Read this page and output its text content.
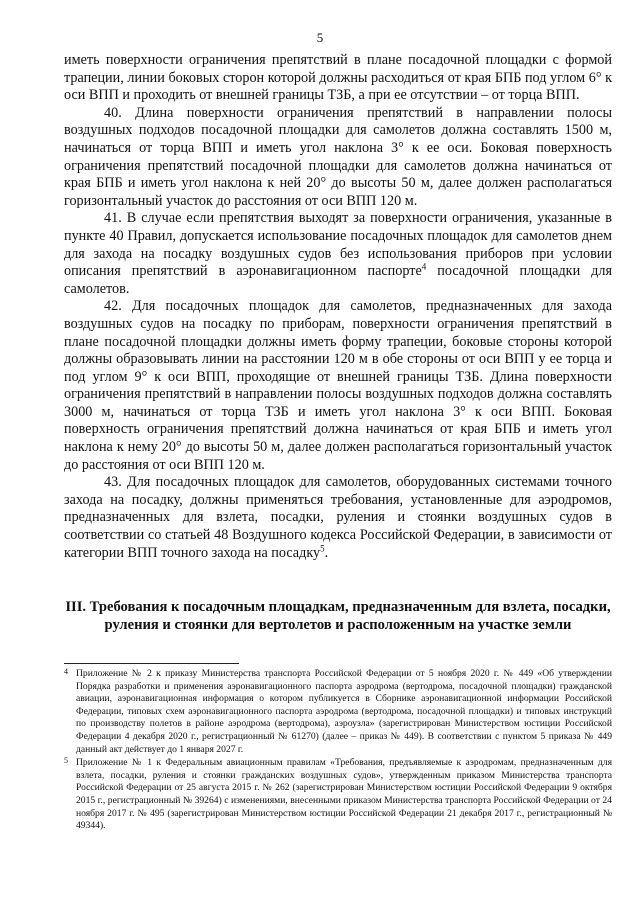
5

иметь поверхности ограничения препятствий в плане посадочной площадки с формой трапеции, линии боковых сторон которой должны расходиться от края БПБ под углом 6° к оси ВПП и проходить от внешней границы ТЗБ, а при ее отсутствии – от торца ВПП.

40. Длина поверхности ограничения препятствий в направлении полосы воздушных подходов посадочной площадки для самолетов должна составлять 1500 м, начинаться от торца ВПП и иметь угол наклона 3° к ее оси. Боковая поверхность ограничения препятствий посадочной площадки для самолетов должна начинаться от края БПБ и иметь угол наклона к ней 20° до высоты 50 м, далее должен располагаться горизонтальный участок до расстояния от оси ВПП 120 м.

41. В случае если препятствия выходят за поверхности ограничения, указанные в пункте 40 Правил, допускается использование посадочных площадок для самолетов днем для захода на посадку воздушных судов без использования приборов при условии описания препятствий в аэронавигационном паспорте$^4$ посадочной площадки для самолетов.

42. Для посадочных площадок для самолетов, предназначенных для захода воздушных судов на посадку по приборам, поверхности ограничения препятствий в плане посадочной площадки должны иметь форму трапеции, боковые стороны которой должны образовывать линии на расстоянии 120 м в обе стороны от оси ВПП у ее торца и под углом 9° к оси ВПП, проходящие от внешней границы ТЗБ. Длина поверхности ограничения препятствий в направлении полосы воздушных подходов должна составлять 3000 м, начинаться от торца ТЗБ и иметь угол наклона 3° к оси ВПП. Боковая поверхность ограничения препятствий должна начинаться от края БПБ и иметь угол наклона к нему 20° до высоты 50 м, далее должен располагаться горизонтальный участок до расстояния от оси ВПП 120 м.

43. Для посадочных площадок для самолетов, оборудованных системами точного захода на посадку, должны применяться требования, установленные для аэродромов, предназначенных для взлета, посадки, руления и стоянки воздушных судов в соответствии со статьей 48 Воздушного кодекса Российской Федерации, в зависимости от категории ВПП точного захода на посадку$^5$.

III. Требования к посадочным площадкам, предназначенным для взлета, посадки, руления и стоянки для вертолетов и расположенным на участке земли
4 Приложение № 2 к приказу Министерства транспорта Российской Федерации от 5 ноября 2020 г. № 449 «Об утверждении Порядка разработки и применения аэронавигационного паспорта аэродрома (вертодрома, посадочной площадки) гражданской авиации, аэронавигационная информация о котором публикуется в Сборнике аэронавигационной информации Российской Федерации, типовых схем аэронавигационного паспорта аэродрома (вертодрома, посадочной площадки) и типовых инструкций по производству полетов в районе аэродрома (вертодрома), аэроузла» (зарегистрирован Министерством юстиции Российской Федерации 4 декабря 2020 г., регистрационный № 61270) (далее – приказ № 449). В соответствии с пунктом 5 приказа № 449 данный акт действует до 1 января 2027 г.
5 Приложение № 1 к Федеральным авиационным правилам «Требования, предъявляемые к аэродромам, предназначенным для взлета, посадки, руления и стоянки гражданских воздушных судов», утвержденным приказом Министерства транспорта Российской Федерации от 25 августа 2015 г. № 262 (зарегистрирован Министерством юстиции Российской Федерации 9 октября 2015 г., регистрационный № 39264) с изменениями, внесенными приказом Министерства транспорта Российской Федерации от 24 ноября 2017 г. № 495 (зарегистрирован Министерством юстиции Российской Федерации 21 декабря 2017 г., регистрационный № 49344).
